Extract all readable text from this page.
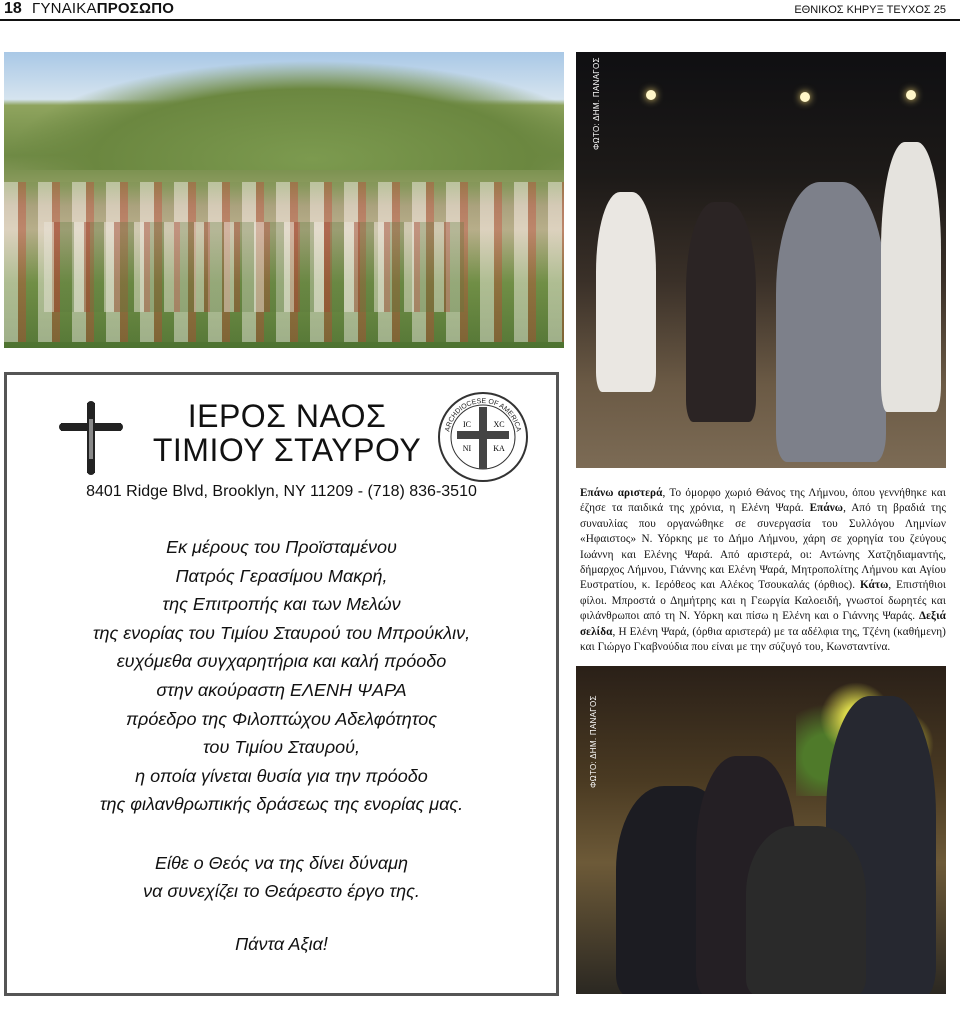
18 ΓΥΝΑΙΚΑΠΡΟΣΩΠΟ	ΕΘΝΙΚΟΣ ΚΗΡΥΞ ΤΕΥΧΟΣ 25
ΦΩΤΟ: ΔΗΜ. ΠΑΝΑΓΟΣ
ΦΩΤΟ: ΔΗΜ. ΠΑΝΑΓΟΣ
ΙΕΡΟΣ ΝΑΟΣ
ΤΙΜΙΟΥ ΣΤΑΥΡΟΥ
ARCHDIOCESE OF AMERICA
IC	XC
NI	KA
8401 Ridge Blvd, Brooklyn, NY 11209 - (718) 836-3510
Εκ μέρους του Προϊσταμένου
Πατρός Γερασίμου Μακρή,
της Επιτροπής και των Μελών
της ενορίας του Τιμίου Σταυρού του Μπρούκλιν,
ευχόμεθα συγχαρητήρια και καλή πρόοδο
στην ακούραστη ΕΛΕΝΗ ΨΑΡΑ
πρόεδρο της Φιλοπτώχου Αδελφότητος
του Τιμίου Σταυρού,
η οποία γίνεται θυσία για την πρόοδο
της φιλανθρωπικής δράσεως της ενορίας μας.
Είθε ο Θεός να της δίνει δύναμη
να συνεχίζει το Θεάρεστο έργο της.
Πάντα Αξια!
Επάνω αριστερά, Το όμορφο χωριό Θάνος της Λήμνου, όπου γεννήθηκε και έζησε τα παιδικά της χρόνια, η Ελένη Ψαρά. Επάνω, Από τη βραδιά της συναυλίας που οργανώθηκε σε συνεργασία του Συλλόγου Λημνίων «Ηφαιστος» Ν. Υόρκης με το Δήμο Λήμνου, χάρη σε χορηγία του ζεύγους Ιωάννη και Ελένης Ψαρά. Από αριστερά, οι: Αντώνης Χατζηδιαμαντής, δήμαρχος Λήμνου, Γιάννης και Ελένη Ψαρά, Μητροπολίτης Λήμνου και Αγίου Ευστρατίου, κ. Ιερόθεος και Αλέκος Τσουκαλάς (όρθιος). Κάτω, Επιστήθιοι φίλοι. Μπροστά ο Δημήτρης και η Γεωργία Καλοειδή, γνωστοί δωρητές και φιλάνθρωποι από τη Ν. Υόρκη και πίσω η Ελένη και ο Γιάννης Ψαράς. Δεξιά σελίδα, Η Ελένη Ψαρά, (όρθια αριστερά) με τα αδέλφια της, Τζένη (καθήμενη) και Γιώργο Γκαβνούδια που είναι με την σύζυγό του, Κωνσταντίνα.
